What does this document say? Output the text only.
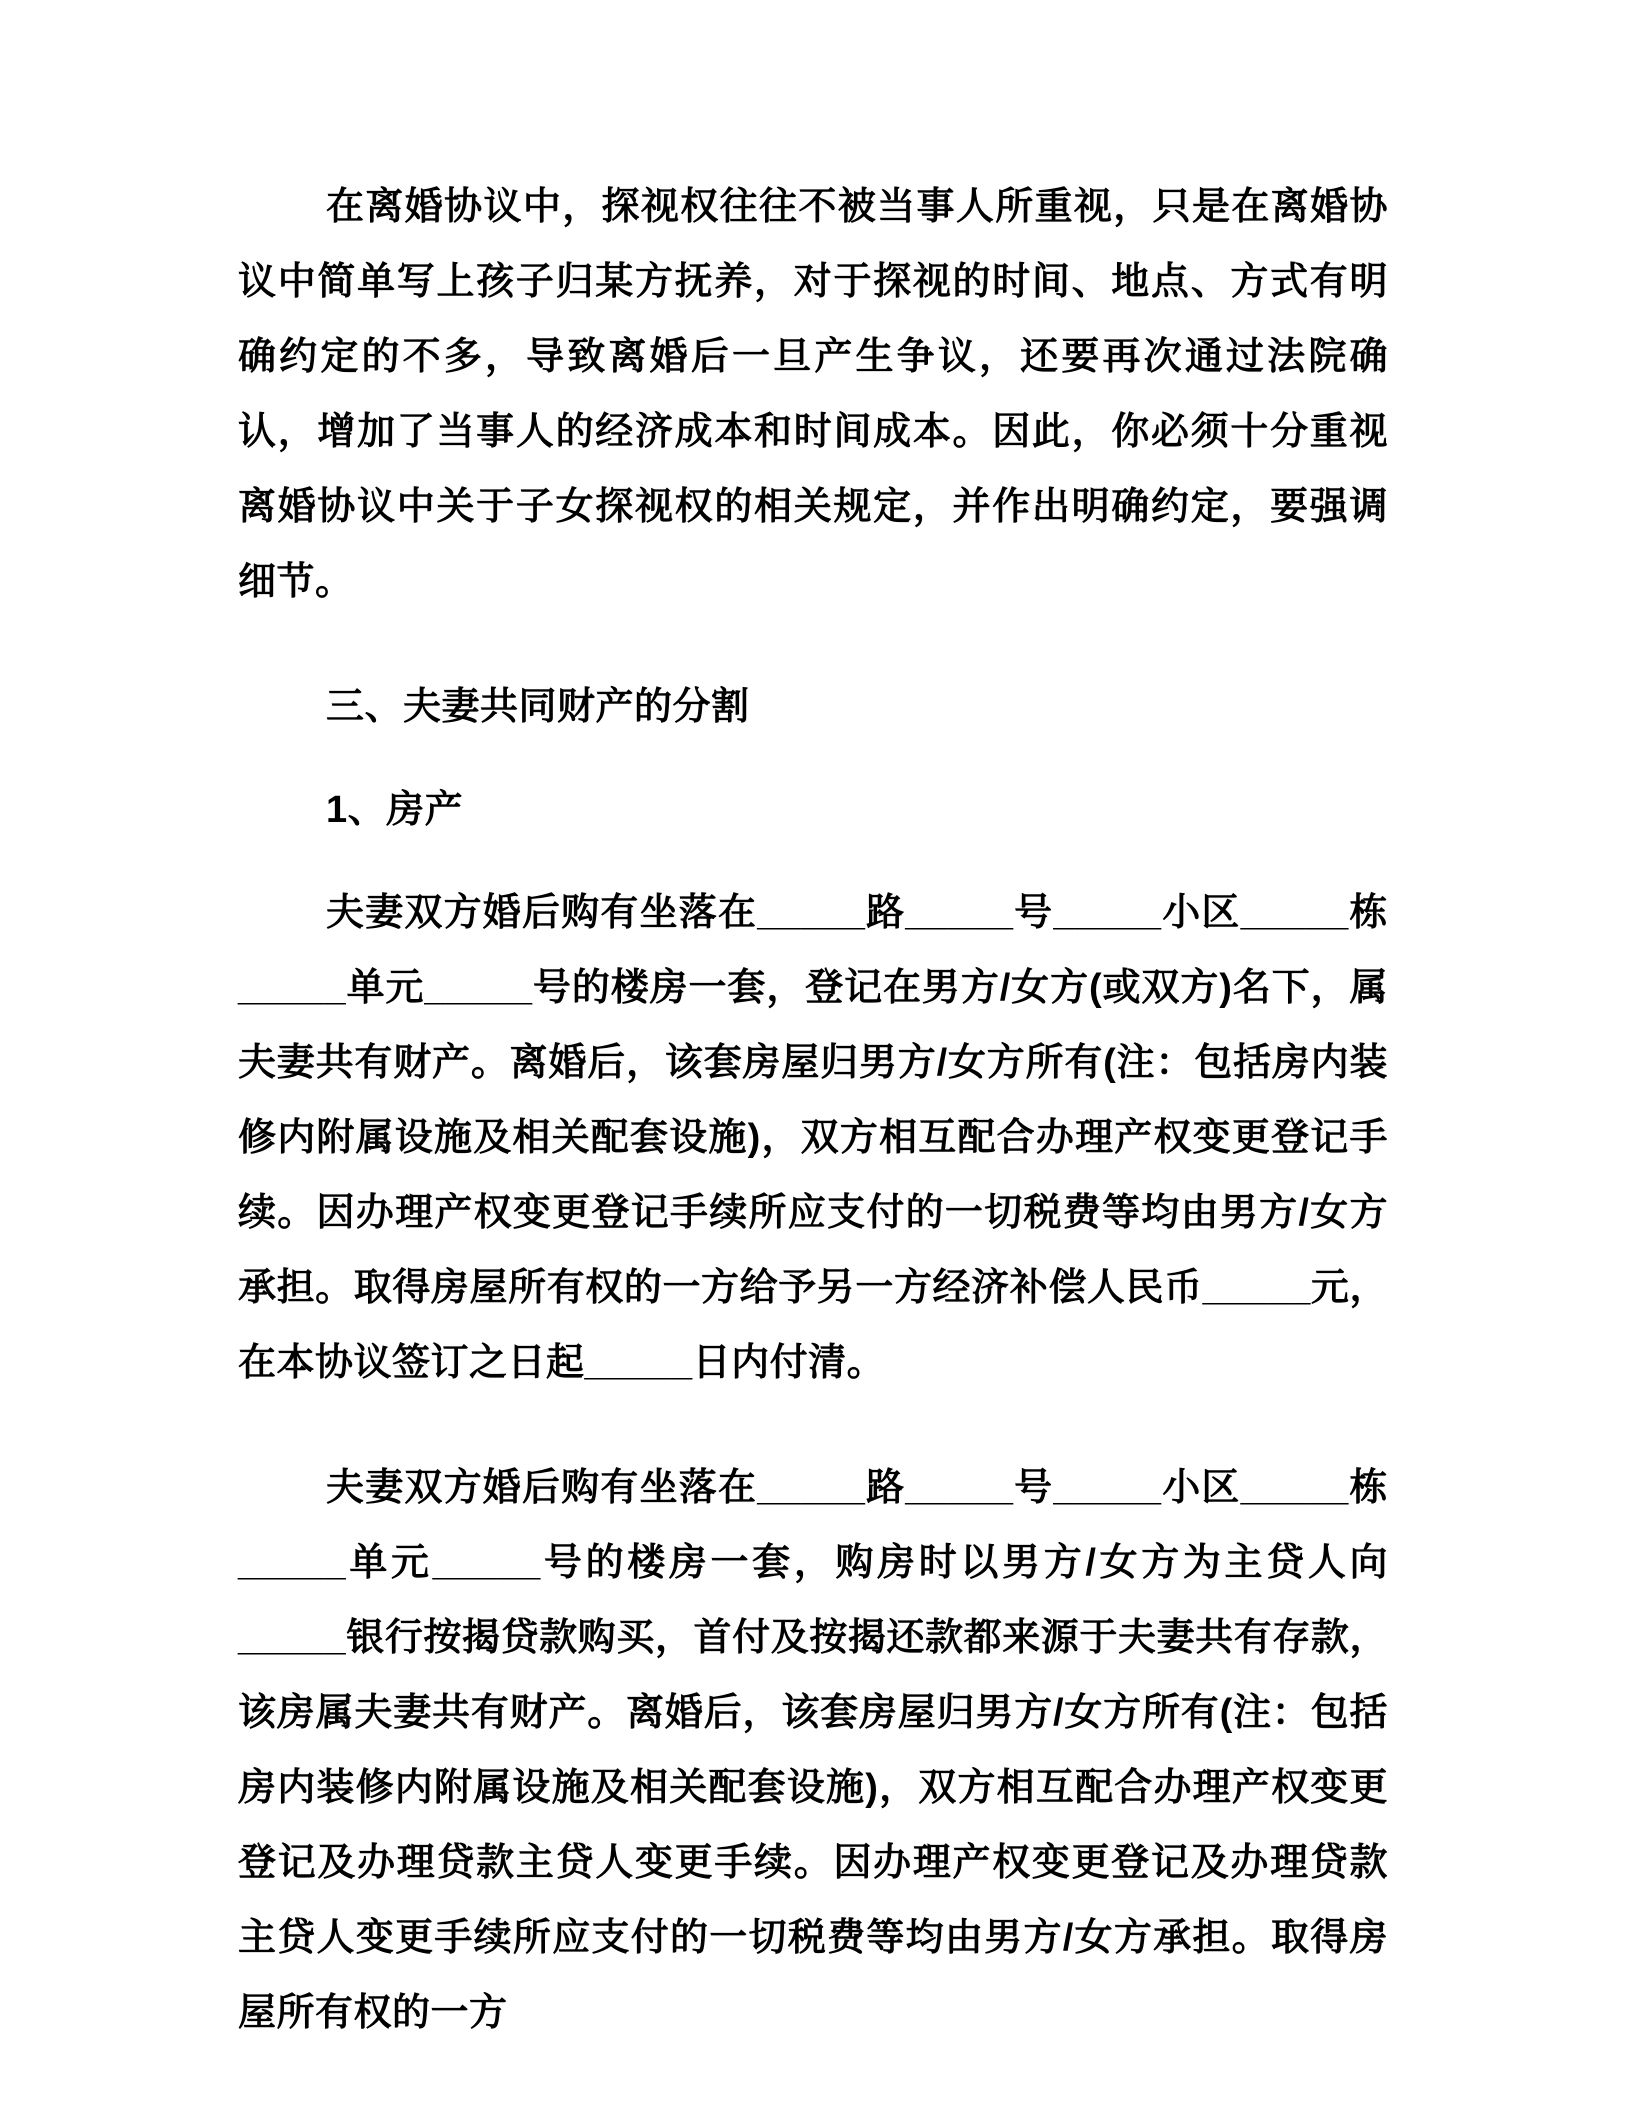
在离婚协议中，探视权往往不被当事人所重视，只是在离婚协议中简单写上孩子归某方抚养，对于探视的时间、地点、方式有明确约定的不多，导致离婚后一旦产生争议，还要再次通过法院确认，增加了当事人的经济成本和时间成本。因此，你必须十分重视离婚协议中关于子女探视权的相关规定，并作出明确约定，要强调细节。

三、夫妻共同财产的分割

1、房产

夫妻双方婚后购有坐落在_____路_____号_____小区_____栋_____单元_____号的楼房一套，登记在男方/女方(或双方)名下，属夫妻共有财产。离婚后，该套房屋归男方/女方所有(注：包括房内装修内附属设施及相关配套设施)，双方相互配合办理产权变更登记手续。因办理产权变更登记手续所应支付的一切税费等均由男方/女方承担。取得房屋所有权的一方给予另一方经济补偿人民币_____元，在本协议签订之日起_____日内付清。

夫妻双方婚后购有坐落在_____路_____号_____小区_____栋_____单元_____号的楼房一套，购房时以男方/女方为主贷人向_____银行按揭贷款购买，首付及按揭还款都来源于夫妻共有存款，该房属夫妻共有财产。离婚后，该套房屋归男方/女方所有(注：包括房内装修内附属设施及相关配套设施)，双方相互配合办理产权变更登记及办理贷款主贷人变更手续。因办理产权变更登记及办理贷款主贷人变更手续所应支付的一切税费等均由男方/女方承担。取得房屋所有权的一方
